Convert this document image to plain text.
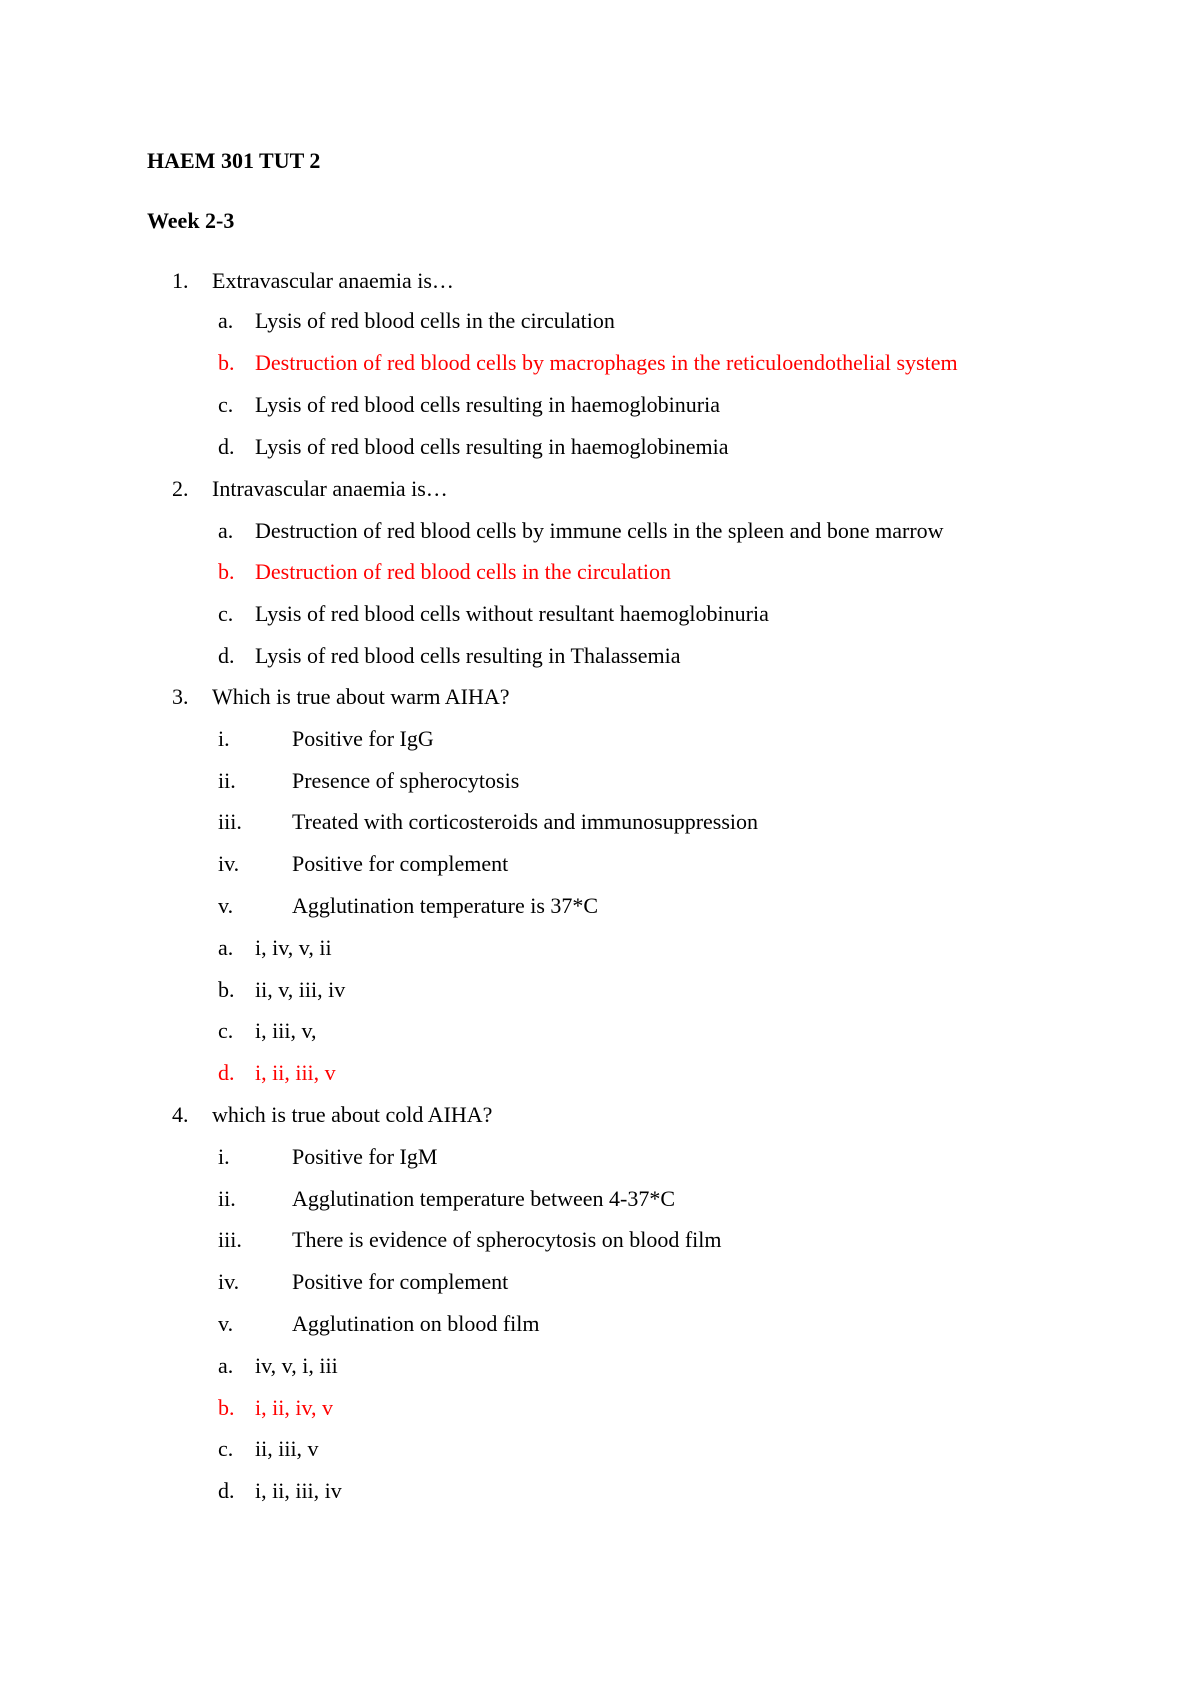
HAEM 301 TUT 2
Week 2-3
1. Extravascular anaemia is…
a. Lysis of red blood cells in the circulation
b. Destruction of red blood cells by macrophages in the reticuloendothelial system
c. Lysis of red blood cells resulting in haemoglobinuria
d. Lysis of red blood cells resulting in haemoglobinemia
2. Intravascular anaemia is…
a. Destruction of red blood cells by immune cells in the spleen and bone marrow
b. Destruction of red blood cells in the circulation
c. Lysis of red blood cells without resultant haemoglobinuria
d. Lysis of red blood cells resulting in Thalassemia
3. Which is true about warm AIHA?
i.	Positive for IgG
ii.	Presence of spherocytosis
iii. Treated with corticosteroids and immunosuppression
iv. Positive for complement
v.	Agglutination temperature is 37*C
a. i, iv, v, ii
b. ii, v, iii, iv
c. i, iii, v,
d. i, ii, iii, v
4. which is true about cold AIHA?
i.	Positive for IgM
ii.	Agglutination temperature between 4-37*C
iii. There is evidence of spherocytosis on blood film
iv. Positive for complement
v.	Agglutination on blood film
a. iv, v, i, iii
b. i, ii, iv, v
c. ii, iii, v
d. i, ii, iii, iv
